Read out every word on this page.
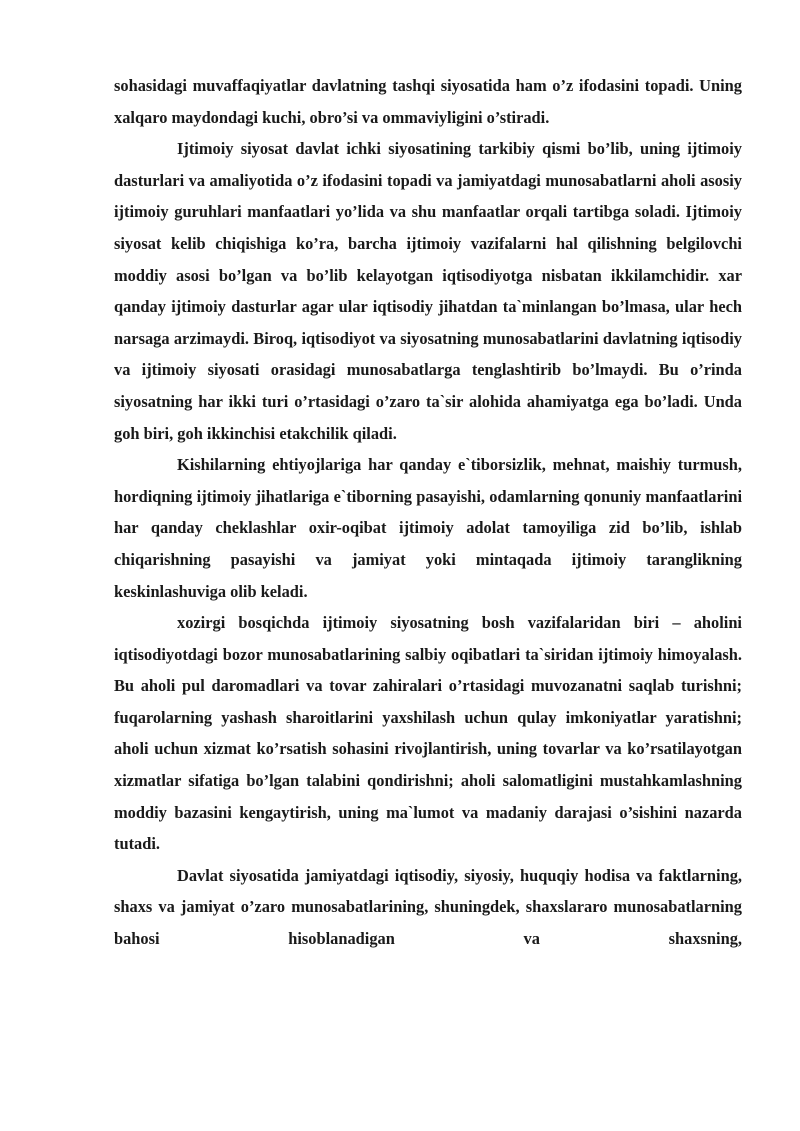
sohasidagi muvaffaqiyatlar davlatning tashqi siyosatida ham o’z ifodasini topadi. Uning xalqaro maydondagi kuchi, obro’si va ommaviyligini o’stiradi.

Ijtimoiy siyosat davlat ichki siyosatining tarkibiy qismi bo’lib, uning ijtimoiy dasturlari va amaliyotida o’z ifodasini topadi va jamiyatdagi munosabatlarni aholi asosiy ijtimoiy guruhlari manfaatlari yo’lida va shu manfaatlar orqali tartibga soladi. Ijtimoiy siyosat kelib chiqishiga ko’ra, barcha ijtimoiy vazifalarni hal qilishning belgilovchi moddiy asosi bo’lgan va bo’lib kelayotgan iqtisodiyotga nisbatan ikkilamchidir. xar qanday ijtimoiy dasturlar agar ular iqtisodiy jihatdan ta`minlangan bo’lmasa, ular hech narsaga arzimaydi. Biroq, iqtisodiyot va siyosatning munosabatlarini davlatning iqtisodiy va ijtimoiy siyosati orasidagi munosabatlarga tenglashtirib bo’lmaydi. Bu o’rinda siyosatning har ikki turi o’rtasidagi o’zaro ta`sir alohida ahamiyatga ega bo’ladi. Unda goh biri, goh ikkinchisi etakchilik qiladi.

Kishilarning ehtiyojlariga har qanday e`tiborsizlik, mehnat, maishiy turmush, hordiqning ijtimoiy jihatlariga e`tiborning pasayishi, odamlarning qonuniy manfaatlarini har qanday cheklashlar oxir-oqibat ijtimoiy adolat tamoyiliga zid bo’lib, ishlab chiqarishning pasayishi va jamiyat yoki mintaqada ijtimoiy taranglikning keskinlashuviga olib keladi.

xozirgi bosqichda ijtimoiy siyosatning bosh vazifalaridan biri – aholini iqtisodiyotdagi bozor munosabatlarining salbiy oqibatlari ta`siridan ijtimoiy himoyalash. Bu aholi pul daromadlari va tovar zahiralari o’rtasidagi muvozanatni saqlab turishni; fuqarolarning yashash sharoitlarini yaxshilash uchun qulay imkoniyatlar yaratishni; aholi uchun xizmat ko’rsatish sohasini rivojlantirish, uning tovarlar va ko’rsatilayotgan xizmatlar sifatiga bo’lgan talabini qondirishni; aholi salomatligini mustahkamlashning moddiy bazasini kengaytirish, uning ma`lumot va madaniy darajasi o’sishini nazarda tutadi.

Davlat siyosatida jamiyatdagi iqtisodiy, siyosiy, huquqiy hodisa va faktlarning, shaxs va jamiyat o’zaro munosabatlarining, shuningdek, shaxslararo munosabatlarning bahosi hisoblanadigan va shaxsning,
